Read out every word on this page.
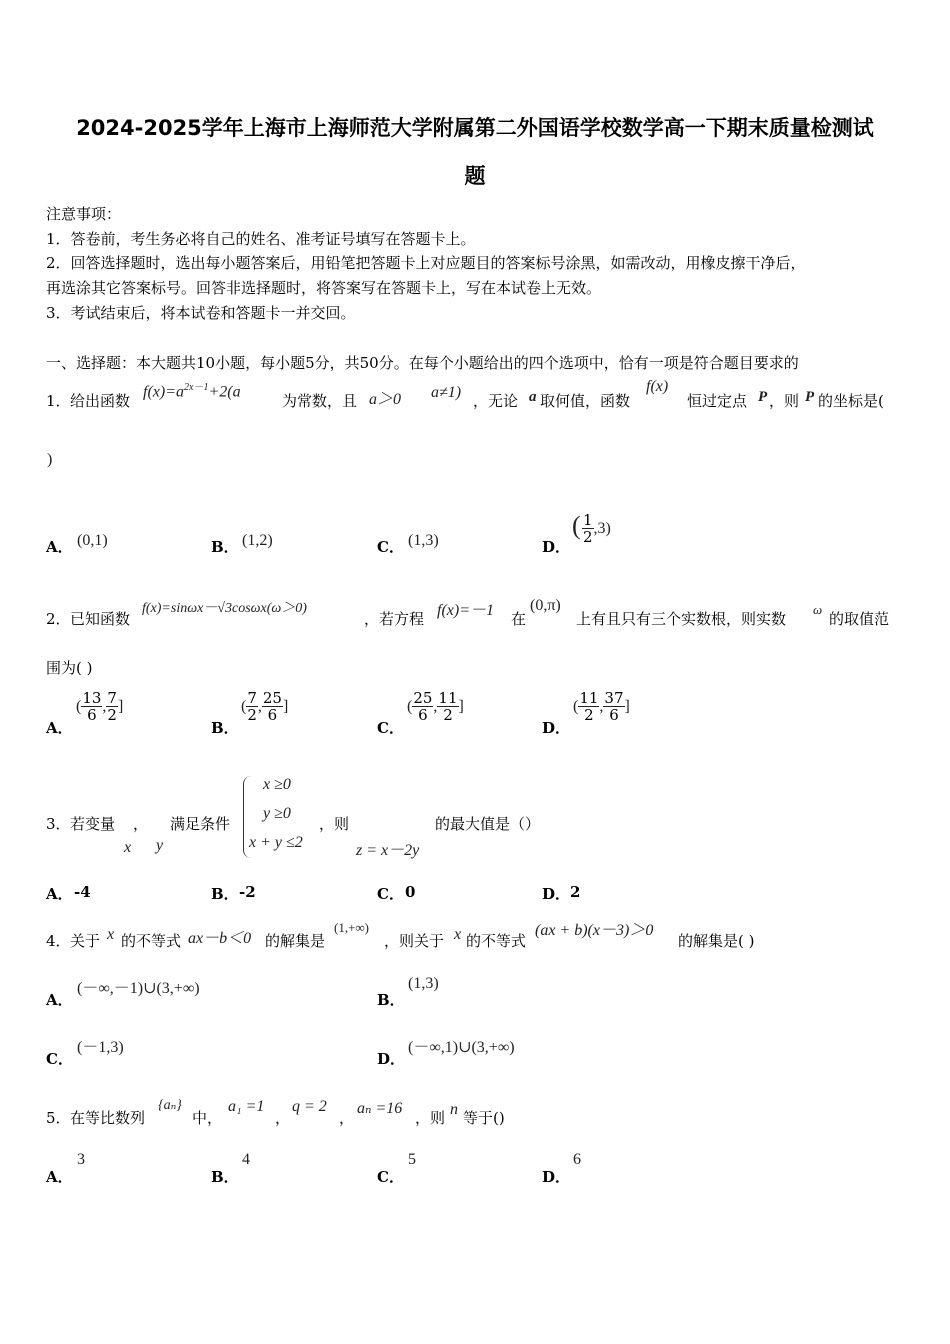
2024-2025学年上海市上海师范大学附属第二外国语学校数学高一下期末质量检测试
题
注意事项：
1．答卷前，考生务必将自己的姓名、准考证号填写在答题卡上。
2．回答选择题时，选出每小题答案后，用铅笔把答题卡上对应题目的答案标号涂黑，如需改动，用橡皮擦干净后，
再选涂其它答案标号。回答非选择题时，将答案写在答题卡上，写在本试卷上无效。
3．考试结束后，将本试卷和答题卡一并交回。
一、选择题：本大题共10小题，每小题5分，共50分。在每个小题给出的四个选项中，恰有一项是符合题目要求的
1． 给出函数
$f(x)=a^{2x-1}+2(a$
为常数，且 a＞0 a≠1) ，无论 a 取何值，函数
f(x)
恒过定点 P ，则 P 的坐标是(
)
A． (0,1)	B． (1,2)	C． (1,3)	D．
( $\frac{1}{2} ,3$)
2． 已知函数
f(x)=sinωx－√3cosωx(ω＞0)
，若方程 f(x)=－1 在
(0,π)
上有且只有三个实数根，则实数
ω
的取值范
围为( )
A．
( $\frac{13}{6}$ , $\frac{7}{2}$ ]
B．
( $\frac{7}{2}$ , $\frac{25}{6}$ ]
C．
( $\frac{25}{6}$ , $\frac{11}{2}$ ]
D．
( $\frac{11}{2}$ , $\frac{37}{6}$ ]
3． 若变量
x
，
y
满足条件
x ≥0
y ≥0
x + y ≤2
，则
z = x－2y
的最大值是（）
A． -4	B． -2	C． 0	D． 2
4． 关于 x 的不等式 ax－b＜0 的解集是
(1,+∞)
，则关于 x 的不等式
(ax + b)(x－3)＞0
的解集是( )
A．
(－∞,－1)∪(3,+∞)
B．
(1,3)
C．
(－1,3)
D．
(－∞,1)∪(3,+∞)
5． 在等比数列
{aₙ}
中，
a₁ =1
，
q = 2
，
aₙ =16
，则 n 等于()
A．
3
B．
4
C．
5
D．
6
